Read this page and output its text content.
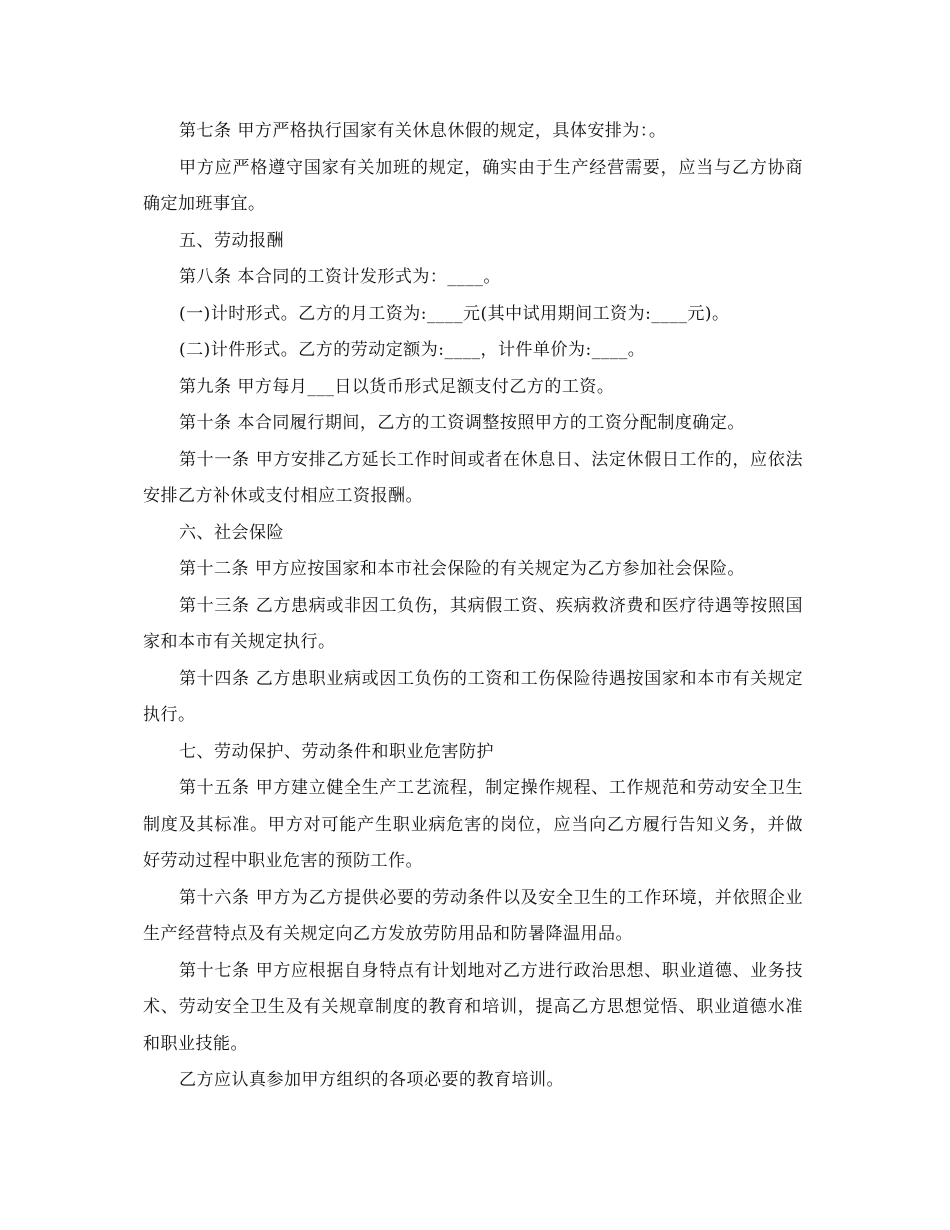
第七条 甲方严格执行国家有关休息休假的规定，具体安排为：。

甲方应严格遵守国家有关加班的规定，确实由于生产经营需要，应当与乙方协商确定加班事宜。

五、劳动报酬

第八条 本合同的工资计发形式为：____。

(一)计时形式。乙方的月工资为:____元(其中试用期间工资为:____元)。

(二)计件形式。乙方的劳动定额为:____，计件单价为:____。

第九条 甲方每月___日以货币形式足额支付乙方的工资。

第十条 本合同履行期间，乙方的工资调整按照甲方的工资分配制度确定。

第十一条 甲方安排乙方延长工作时间或者在休息日、法定休假日工作的，应依法安排乙方补休或支付相应工资报酬。

六、社会保险

第十二条 甲方应按国家和本市社会保险的有关规定为乙方参加社会保险。

第十三条 乙方患病或非因工负伤，其病假工资、疾病救济费和医疗待遇等按照国家和本市有关规定执行。

第十四条 乙方患职业病或因工负伤的工资和工伤保险待遇按国家和本市有关规定执行。

七、劳动保护、劳动条件和职业危害防护

第十五条 甲方建立健全生产工艺流程，制定操作规程、工作规范和劳动安全卫生制度及其标准。甲方对可能产生职业病危害的岗位，应当向乙方履行告知义务，并做好劳动过程中职业危害的预防工作。

第十六条 甲方为乙方提供必要的劳动条件以及安全卫生的工作环境，并依照企业生产经营特点及有关规定向乙方发放劳防用品和防暑降温用品。

第十七条 甲方应根据自身特点有计划地对乙方进行政治思想、职业道德、业务技术、劳动安全卫生及有关规章制度的教育和培训，提高乙方思想觉悟、职业道德水准和职业技能。

乙方应认真参加甲方组织的各项必要的教育培训。
